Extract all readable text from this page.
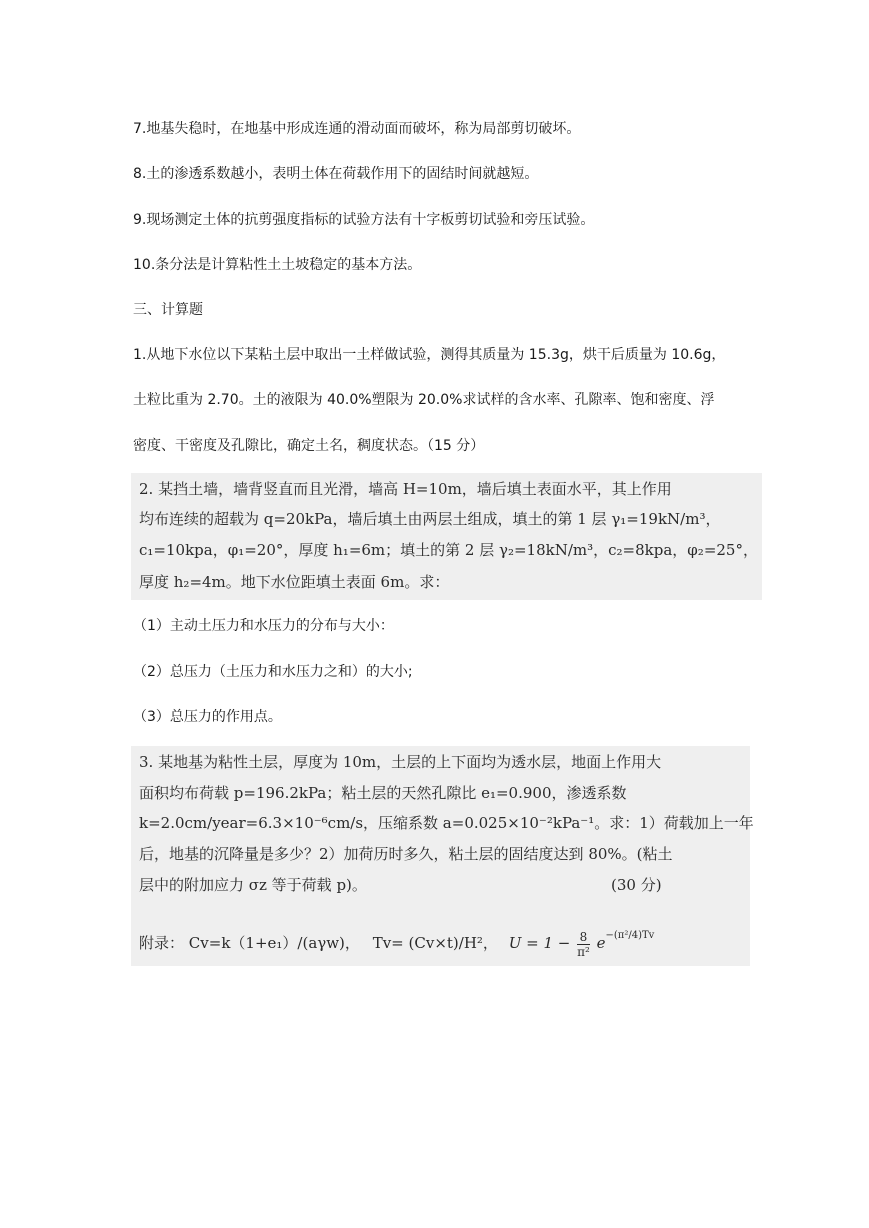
7.地基失稳时，在地基中形成连通的滑动面而破坏，称为局部剪切破坏。
8.土的渗透系数越小，表明土体在荷载作用下的固结时间就越短。
9.现场测定土体的抗剪强度指标的试验方法有十字板剪切试验和旁压试验。
10.条分法是计算粘性土土坡稳定的基本方法。
三、计算题
1.从地下水位以下某粘土层中取出一土样做试验，测得其质量为 15.3g，烘干后质量为 10.6g，
土粒比重为 2.70。土的液限为 40.0%塑限为 20.0%求试样的含水率、孔隙率、饱和密度、浮
密度、干密度及孔隙比，确定土名，稠度状态。（15 分）
2. 某挡土墙，墙背竖直而且光滑，墙高 H=10m，墙后填土表面水平，其上作用
均布连续的超载为 q=20kPa，墙后填土由两层土组成，填土的第 1 层 γ₁=19kN/m³，
c₁=10kpa，φ₁=20°，厚度 h₁=6m；填土的第 2 层 γ₂=18kN/m³，c₂=8kpa，φ₂=25°，
厚度 h₂=4m。地下水位距填土表面 6m。求：
（1）主动土压力和水压力的分布与大小：
（2）总压力（土压力和水压力之和）的大小;
（3）总压力的作用点。
3. 某地基为粘性土层，厚度为 10m，土层的上下面均为透水层，地面上作用大
面积均布荷载 p=196.2kPa；粘土层的天然孔隙比 e₁=0.900，渗透系数
k=2.0cm/year=6.3×10⁻⁶cm/s，压缩系数 a=0.025×10⁻²kPa⁻¹。求：1）荷载加上一年
后，地基的沉降量是多少？2）加荷历时多久，粘土层的固结度达到 80%。(粘土
层中的附加应力 σz 等于荷载 p)。	(30 分)
附录： Cv=k（1+e₁）/(aγw)， Tv= (Cv×t)/H²， $U = 1 - \frac{8}{\text{π²}} e^{-(\pi^2/4)Tv}$
